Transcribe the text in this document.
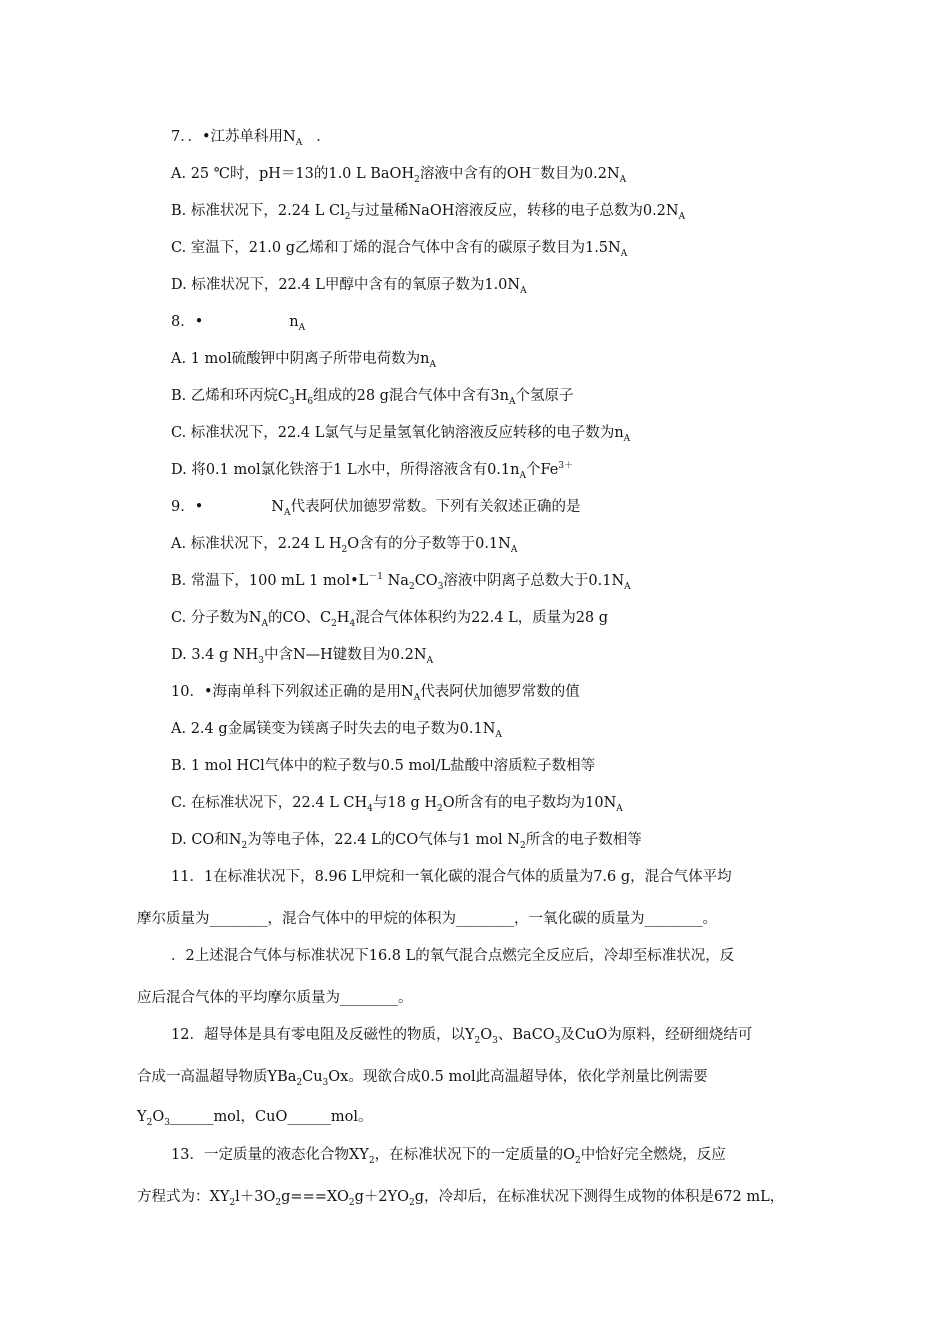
7．．•江苏单科用$N_A$ ．
A. 25 ℃时，pH＝13的1.0 L BaOH$_2$溶液中含有的OH－数目为$0.2N_A$
B. 标准状况下，2.24 L $Cl_2$与过量稀NaOH溶液反应，转移的电子总数为$0.2N_A$
C. 室温下，21.0 g乙烯和丁烯的混合气体中含有的碳原子数目为$1.5N_A$
D. 标准状况下，22.4 L甲醇中含有的氧原子数为$1.0N_A$
8．•	$n_A$
A. 1 mol硫酸钾中阴离子所带电荷数为$n_A$
B. 乙烯和环丙烷$C_3H_6$组成的28 g混合气体中含有$3n_A$个氢原子
C. 标准状况下，22.4 L氯气与足量氢氧化钠溶液反应转移的电子数为$n_A$
D. 将0.1 mol氯化铁溶于1 L水中，所得溶液含有$0.1n_A$个$Fe^{3+}$
9．•	$N_A$代表阿伏加德罗常数。下列有关叙述正确的是
A. 标准状况下，2.24 L $H_2O$含有的分子数等于$0.1N_A$
B. 常温下，100 mL 1 $mol•L^{-1}$ $Na_2CO_3$溶液中阴离子总数大于$0.1N_A$
C. 分子数为$N_A$的CO、$C_2H_4$混合气体体积约为22.4 L，质量为28 g
D. 3.4 g $NH_3$中含N—H键数目为$0.2N_A$
10．•海南单科下列叙述正确的是用$N_A$代表阿伏加德罗常数的值
A. 2.4 g金属镁变为镁离子时失去的电子数为$0.1N_A$
B. 1 mol HCl气体中的粒子数与0.5 mol/L盐酸中溶质粒子数相等
C. 在标准状况下，22.4 L $CH_4$与18 g $H_2O$所含有的电子数均为$10N_A$
D. CO和$N_2$为等电子体，22.4 L的CO气体与1 mol $N_2$所含的电子数相等
11．1在标准状况下，8.96 L甲烷和一氧化碳的混合气体的质量为7.6 g，混合气体平均
摩尔质量为________，混合气体中的甲烷的体积为________，一氧化碳的质量为________。
．2上述混合气体与标准状况下16.8 L的氧气混合点燃完全反应后，冷却至标准状况，反
应后混合气体的平均摩尔质量为________。
12．超导体是具有零电阻及反磁性的物质，以$Y_2O_3$、BaCO$_3$及CuO为原料，经研细烧结可
合成一高温超导物质$YBa_2Cu_3Ox$。现欲合成0.5 mol此高温超导体，依化学剂量比例需要
$Y_2O_3\_\_\_\_\_\_mol$，CuO______mol。
13．一定质量的液态化合物$XY_2$，在标准状况下的一定质量的$O_2$中恰好完全燃烧，反应
方程式为：$XY_2l+3O_2g===XO_2g+2YO_2g$，冷却后，在标准状况下测得生成物的体积是672 mL，
